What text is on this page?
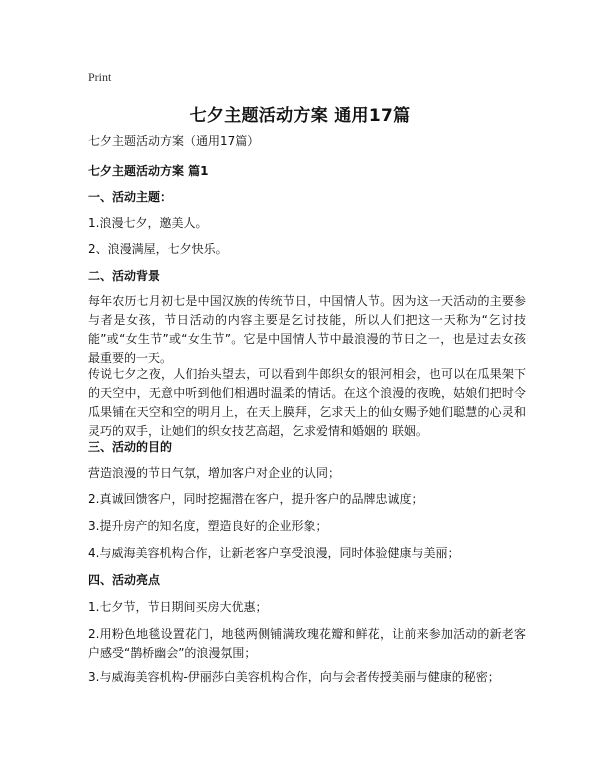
Print
七夕主题活动方案 通用17篇
七夕主题活动方案（通用17篇）
七夕主题活动方案 篇1
一、活动主题：
1.浪漫七夕，邀美人。
2、浪漫满屋，七夕快乐。
二、活动背景
每年农历七月初七是中国汉族的传统节日，中国情人节。因为这一天活动的主要参与者是女孩，节日活动的内容主要是乞讨技能，所以人们把这一天称为“乞讨技能”或“女生节”或“女生节”。它是中国情人节中最浪漫的节日之一，也是过去女孩最重要的一天。
传说七夕之夜，人们抬头望去，可以看到牛郎织女的银河相会，也可以在瓜果架下的天空中，无意中听到他们相遇时温柔的情话。在这个浪漫的夜晚，姑娘们把时令瓜果铺在天空和空的明月上，在天上膜拜，乞求天上的仙女赐予她们聪慧的心灵和灵巧的双手，让她们的织女技艺高超，乞求爱情和婚姻的 联姻。
三、活动的目的
营造浪漫的节日气氛，增加客户对企业的认同；
2.真诚回馈客户，同时挖掘潜在客户，提升客户的品牌忠诚度；
3.提升房产的知名度，塑造良好的企业形象；
4.与威海美容机构合作，让新老客户享受浪漫，同时体验健康与美丽；
四、活动亮点
1.七夕节，节日期间买房大优惠；
2.用粉色地毯设置花门，地毯两侧铺满玫瑰花瓣和鲜花，让前来参加活动的新老客户感受“鹊桥幽会”的浪漫氛围；
3.与威海美容机构-伊丽莎白美容机构合作，向与会者传授美丽与健康的秘密；
